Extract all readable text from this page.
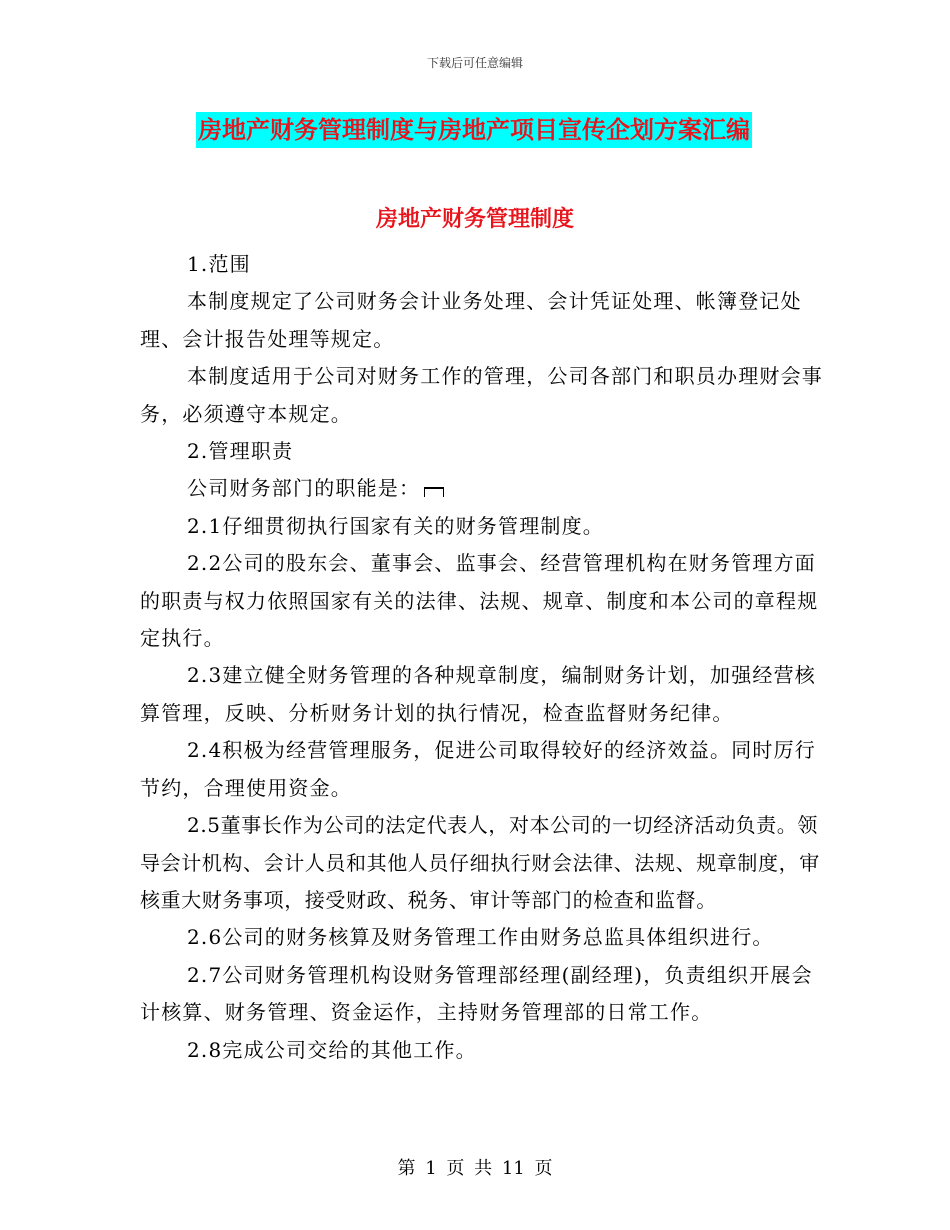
下载后可任意编辑
房地产财务管理制度与房地产项目宣传企划方案汇编
房地产财务管理制度

1.范围

本制度规定了公司财务会计业务处理、会计凭证处理、帐簿登记处理、会计报告处理等规定。

本制度适用于公司对财务工作的管理，公司各部门和职员办理财会事务，必须遵守本规定。

2.管理职责

公司财务部门的职能是：

2.1仔细贯彻执行国家有关的财务管理制度。

2.2公司的股东会、董事会、监事会、经营管理机构在财务管理方面的职责与权力依照国家有关的法律、法规、规章、制度和本公司的章程规定执行。

2.3建立健全财务管理的各种规章制度，编制财务计划，加强经营核算管理，反映、分析财务计划的执行情况，检查监督财务纪律。

2.4积极为经营管理服务，促进公司取得较好的经济效益。同时厉行节约，合理使用资金。

2.5董事长作为公司的法定代表人，对本公司的一切经济活动负责。领导会计机构、会计人员和其他人员仔细执行财会法律、法规、规章制度，审核重大财务事项，接受财政、税务、审计等部门的检查和监督。

2.6公司的财务核算及财务管理工作由财务总监具体组织进行。

2.7公司财务管理机构设财务管理部经理(副经理)，负责组织开展会计核算、财务管理、资金运作，主持财务管理部的日常工作。

2.8完成公司交给的其他工作。

第 1 页 共 11 页
